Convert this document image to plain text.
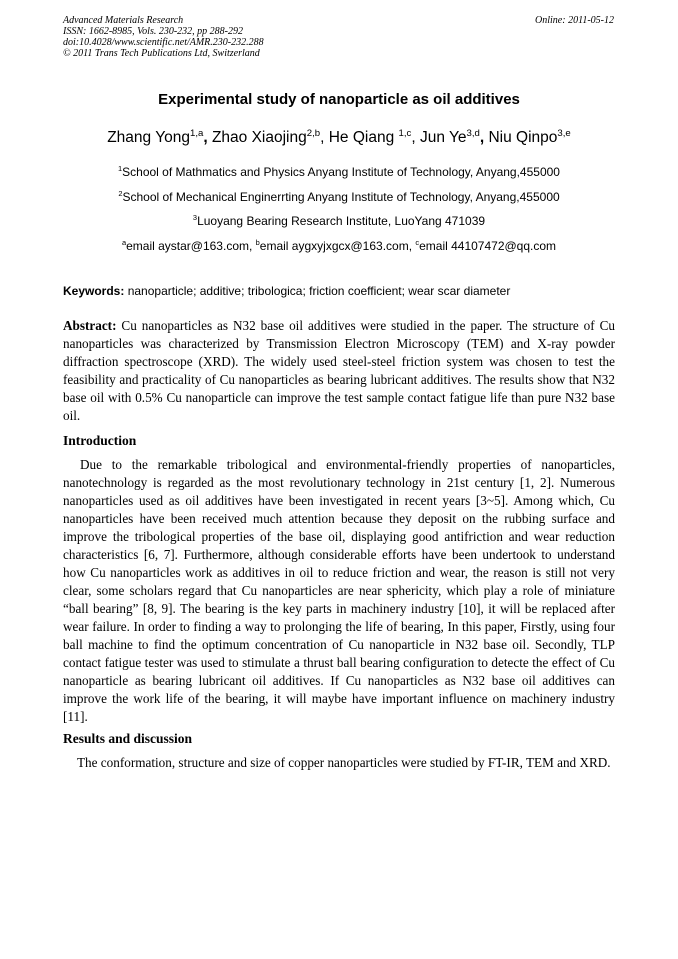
Advanced Materials Research
ISSN: 1662-8985, Vols. 230-232, pp 288-292
doi:10.4028/www.scientific.net/AMR.230-232.288
© 2011 Trans Tech Publications Ltd, Switzerland
Online: 2011-05-12
Experimental study of nanoparticle as oil additives
Zhang Yong$^{1,a}$, Zhao Xiaojing$^{2,b}$, He Qiang $^{1,c}$, Jun Ye$^{3,d}$, Niu Qinpo$^{3,e}$
$^1$School of Mathmatics and Physics Anyang Institute of Technology, Anyang,455000
$^2$School of Mechanical Enginerrting Anyang Institute of Technology, Anyang,455000
$^3$Luoyang Bearing Research Institute, LuoYang 471039
$^a$email aystar@163.com, $^b$email aygxyjxgcx@163.com, $^c$email 44107472@qq.com
Keywords: nanoparticle; additive; tribologica; friction coefficient; wear scar diameter
Abstract: Cu nanoparticles as N32 base oil additives were studied in the paper. The structure of Cu nanoparticles was characterized by Transmission Electron Microscopy (TEM) and X-ray powder diffraction spectroscope (XRD). The widely used steel-steel friction system was chosen to test the feasibility and practicality of Cu nanoparticles as bearing lubricant additives. The results show that N32 base oil with 0.5% Cu nanoparticle can improve the test sample contact fatigue life than pure N32 base oil.
Introduction
Due to the remarkable tribological and environmental-friendly properties of nanoparticles, nanotechnology is regarded as the most revolutionary technology in 21st century [1, 2]. Numerous nanoparticles used as oil additives have been investigated in recent years [3~5]. Among which, Cu nanoparticles have been received much attention because they deposit on the rubbing surface and improve the tribological properties of the base oil, displaying good antifriction and wear reduction characteristics [6, 7]. Furthermore, although considerable efforts have been undertook to understand how Cu nanoparticles work as additives in oil to reduce friction and wear, the reason is still not very clear, some scholars regard that Cu nanoparticles are near sphericity, which play a role of miniature “ball bearing” [8, 9]. The bearing is the key parts in machinery industry [10], it will be replaced after wear failure. In order to finding a way to prolonging the life of bearing, In this paper, Firstly, using four ball machine to find the optimum concentration of Cu nanoparticle in N32 base oil. Secondly, TLP contact fatigue tester was used to stimulate a thrust ball bearing configuration to detecte the effect of Cu nanoparticle as bearing lubricant oil additives. If Cu nanoparticles as N32 base oil additives can improve the work life of the bearing, it will maybe have important influence on machinery industry [11].
Results and discussion
The conformation, structure and size of copper nanoparticles were studied by FT-IR, TEM and XRD.
